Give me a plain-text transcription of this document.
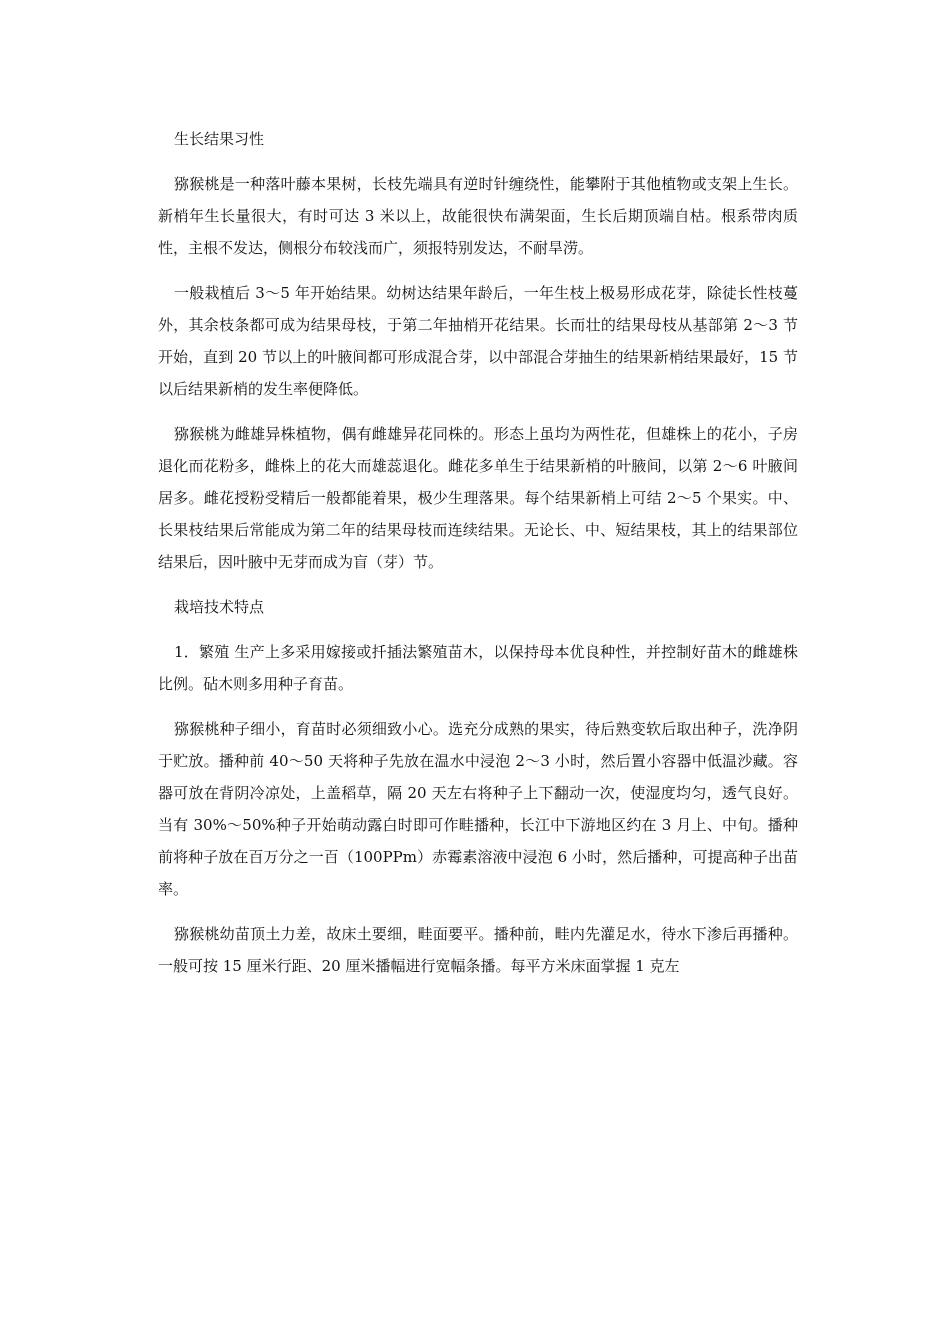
生长结果习性

猕猴桃是一种落叶藤本果树，长枝先端具有逆时针缠绕性，能攀附于其他植物或支架上生长。新梢年生长量很大，有时可达 3 米以上，故能很快布满架面，生长后期顶端自枯。根系带肉质性，主根不发达，侧根分布较浅而广，须报特别发达，不耐旱涝。

一般栽植后 3～5 年开始结果。幼树达结果年龄后，一年生枝上极易形成花芽，除徒长性枝蔓外，其余枝条都可成为结果母枝，于第二年抽梢开花结果。长而壮的结果母枝从基部第 2～3 节开始，直到 20 节以上的叶腋间都可形成混合芽，以中部混合芽抽生的结果新梢结果最好，15 节以后结果新梢的发生率便降低。

猕猴桃为雌雄异株植物，偶有雌雄异花同株的。形态上虽均为两性花，但雄株上的花小，子房退化而花粉多，雌株上的花大而雄蕊退化。雌花多单生于结果新梢的叶腋间，以第 2～6 叶腋间居多。雌花授粉受精后一般都能着果，极少生理落果。每个结果新梢上可结 2～5 个果实。中、长果枝结果后常能成为第二年的结果母枝而连续结果。无论长、中、短结果枝，其上的结果部位结果后，因叶腋中无芽而成为盲（芽）节。

栽培技术特点

1．繁殖 生产上多采用嫁接或扦插法繁殖苗木，以保持母本优良种性，并控制好苗木的雌雄株比例。砧木则多用种子育苗。

猕猴桃种子细小，育苗时必须细致小心。选充分成熟的果实，待后熟变软后取出种子，洗净阴于贮放。播种前 40～50 天将种子先放在温水中浸泡 2～3 小时，然后置小容器中低温沙藏。容器可放在背阴冷凉处，上盖稻草，隔 20 天左右将种子上下翻动一次，使湿度均匀，透气良好。当有 30%～50%种子开始萌动露白时即可作畦播种，长江中下游地区约在 3 月上、中旬。播种前将种子放在百万分之一百（100PPm）赤霉素溶液中浸泡 6 小时，然后播种，可提高种子出苗率。

猕猴桃幼苗顶土力差，故床土要细，畦面要平。播种前，畦内先灌足水，待水下渗后再播种。一般可按 15 厘米行距、20 厘米播幅进行宽幅条播。每平方米床面掌握 1 克左
